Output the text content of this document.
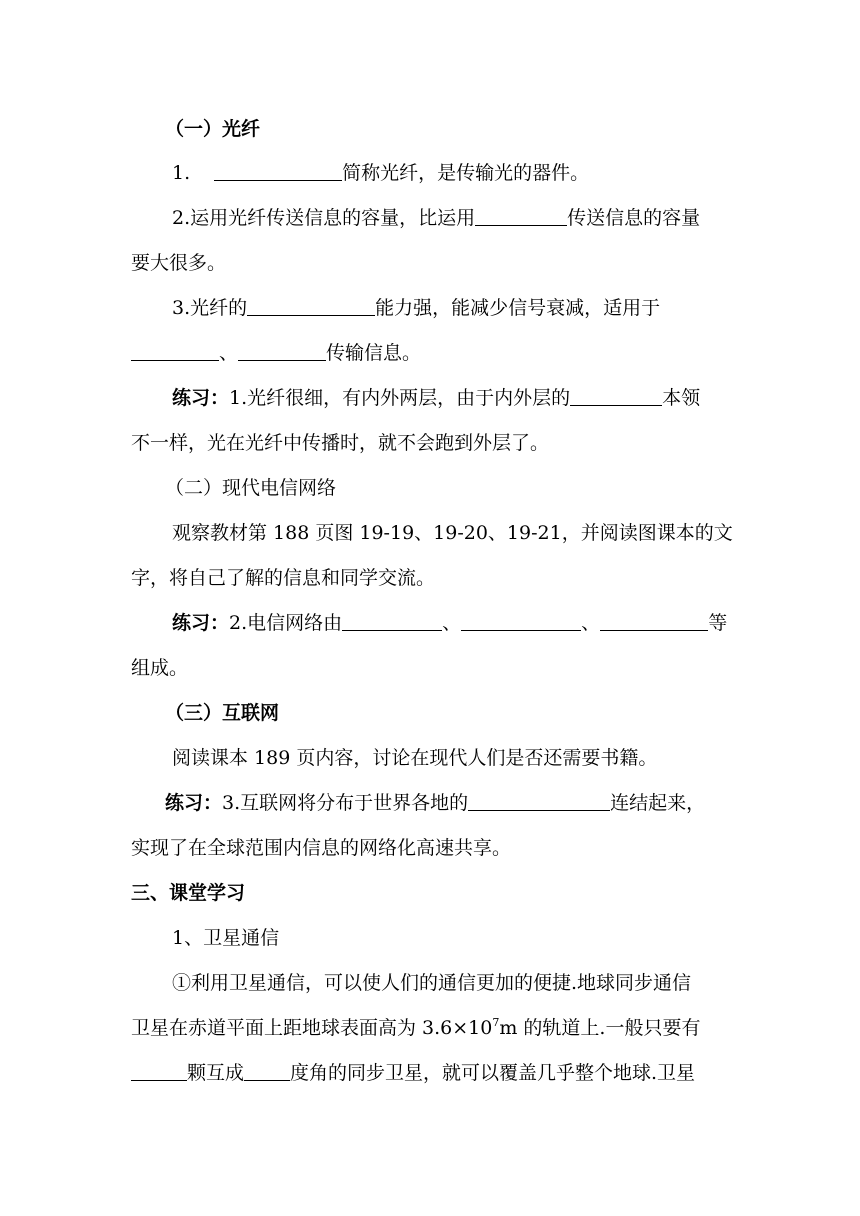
（一）光纤
1.	简称光纤，是传输光的器件。
2.运用光纤传送信息的容量，比运用	传送信息的容量
要大很多。
3.光纤的	能力强，能减少信号衰减，适用于
、	传输信息。
练习：1.光纤很细，有内外两层，由于内外层的	本领
不一样，光在光纤中传播时，就不会跑到外层了。
（二）现代电信网络
观察教材第 188 页图 19-19、19-20、19-21，并阅读图课本的文
字，将自己了解的信息和同学交流。
练习：2.电信网络由	、	、	等
组成。
（三）互联网
阅读课本 189 页内容，讨论在现代人们是否还需要书籍。
练习：3.互联网将分布于世界各地的	连结起来，
实现了在全球范围内信息的网络化高速共享。
三、课堂学习
1、卫星通信
①利用卫星通信，可以使人们的通信更加的便捷.地球同步通信
卫星在赤道平面上距地球表面高为 $3.6\times 10^7m$ 的轨道上.一般只要有
颗互成 度角的同步卫星，就可以覆盖几乎整个地球.卫星
